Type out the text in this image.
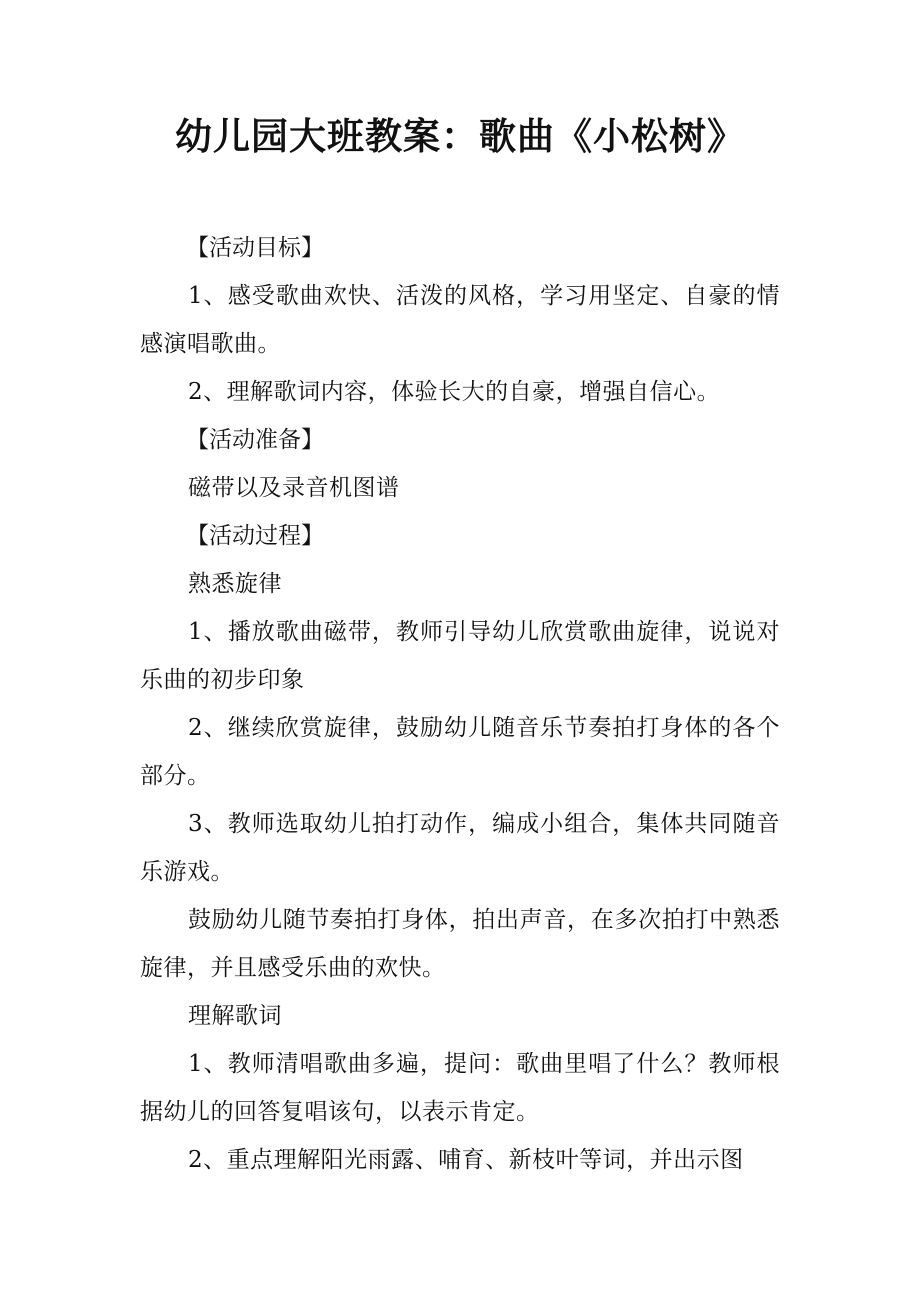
幼儿园大班教案：歌曲《小松树》

【活动目标】

1、感受歌曲欢快、活泼的风格，学习用坚定、自豪的情感演唱歌曲。

2、理解歌词内容，体验长大的自豪，增强自信心。

【活动准备】

磁带以及录音机图谱

【活动过程】

熟悉旋律

1、播放歌曲磁带，教师引导幼儿欣赏歌曲旋律，说说对乐曲的初步印象

2、继续欣赏旋律，鼓励幼儿随音乐节奏拍打身体的各个部分。

3、教师选取幼儿拍打动作，编成小组合，集体共同随音乐游戏。

鼓励幼儿随节奏拍打身体，拍出声音，在多次拍打中熟悉旋律，并且感受乐曲的欢快。

理解歌词

1、教师清唱歌曲多遍，提问：歌曲里唱了什么？教师根据幼儿的回答复唱该句，以表示肯定。

2、重点理解阳光雨露、哺育、新枝叶等词，并出示图
